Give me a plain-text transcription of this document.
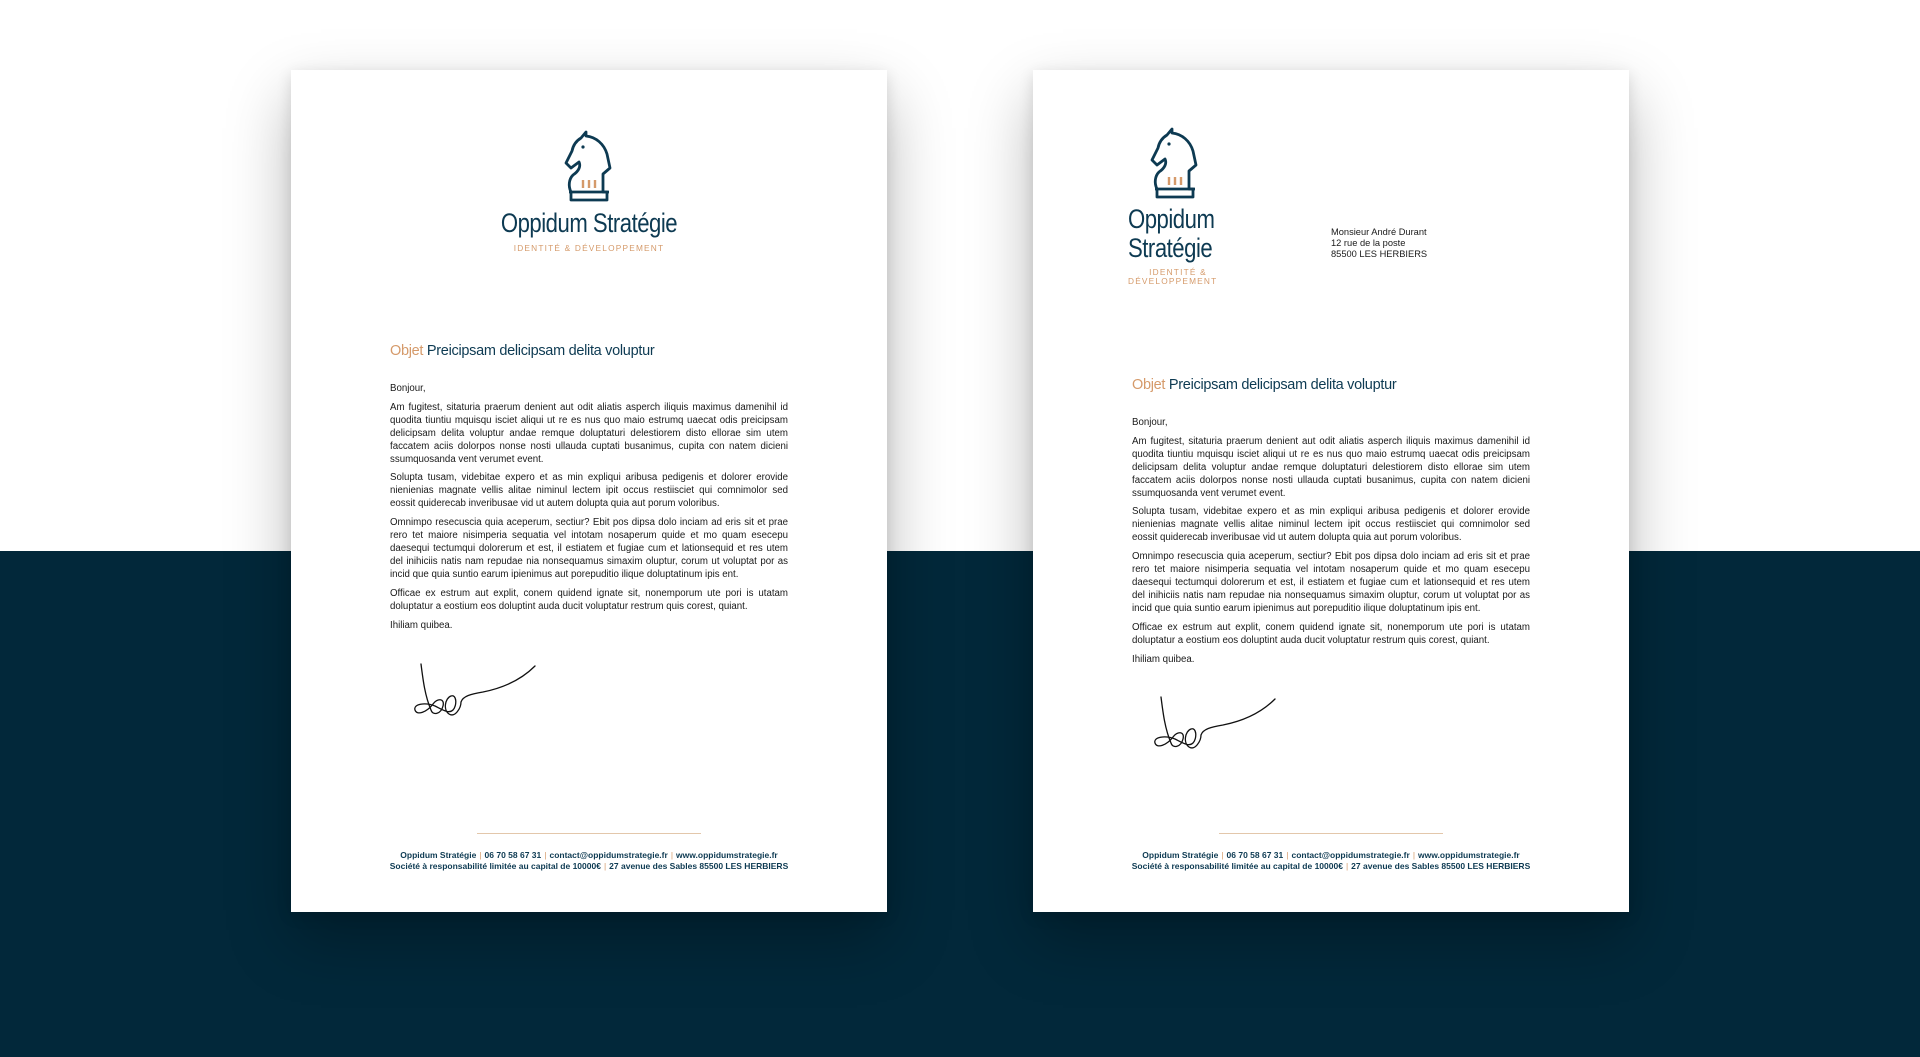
Oppidum Stratégie
IDENTITÉ & DÉVELOPPEMENT
Objet Preicipsam delicipsam delita voluptur

Bonjour,

Am fugitest, sitaturia praerum denient aut odit aliatis asperch iliquis maximus damenihil id quodita tiuntiu mquisqu isciet aliqui ut re es nus quo maio estrumq uaecat odis preicipsam delicipsam delita voluptur andae remque doluptaturi delestiorem disto ellorae sim utem faccatem aciis dolorpos nonse nosti ullauda cuptati busanimus, cupita con natem dicieni ssumquosanda vent verumet event.

Solupta tusam, videbitae expero et as min expliqui aribusa pedigenis et dolorer erovide nienienias magnate vellis alitae niminul lectem ipit occus restiisciet qui comnimolor sed eossit quiderecab inveribusae vid ut autem dolupta quia aut porum voloribus.

Omnimpo resecuscia quia aceperum, sectiur? Ebit pos dipsa dolo inciam ad eris sit et prae rero tet maiore nisimperia sequatia vel intotam nosaperum quide et mo quam esecepu daesequi tectumqui dolorerum et est, il estiatem et fugiae cum et lationsequid et res utem del inihiciis natis nam repudae nia nonsequamus simaxim oluptur, corum ut voluptat por as incid que quia suntio earum ipienimus aut porepuditio ilique doluptatinum ipis ent.

Officae ex estrum aut explit, conem quidend ignate sit, nonemporum ute pori is utatam doluptatur a eostium eos doluptint auda ducit voluptatur restrum quis corest, quiant.

Ihiliam quibea.

Oppidum Stratégie | 06 70 58 67 31 | contact@oppidumstrategie.fr | www.oppidumstrategie.fr
Société à responsabilité limitée au capital de 10000€ | 27 avenue des Sables 85500 LES HERBIERS
Oppidum
Stratégie
IDENTITÉ &
DÉVELOPPEMENT
Monsieur André Durant
12 rue de la poste
85500 LES HERBIERS
Objet Preicipsam delicipsam delita voluptur

Bonjour,

Am fugitest, sitaturia praerum denient aut odit aliatis asperch iliquis maximus damenihil id quodita tiuntiu mquisqu isciet aliqui ut re es nus quo maio estrumq uaecat odis preicipsam delicipsam delita voluptur andae remque doluptaturi delestiorem disto ellorae sim utem faccatem aciis dolorpos nonse nosti ullauda cuptati busanimus, cupita con natem dicieni ssumquosanda vent verumet event.

Solupta tusam, videbitae expero et as min expliqui aribusa pedigenis et dolorer erovide nienienias magnate vellis alitae niminul lectem ipit occus restiisciet qui comnimolor sed eossit quiderecab inveribusae vid ut autem dolupta quia aut porum voloribus.

Omnimpo resecuscia quia aceperum, sectiur? Ebit pos dipsa dolo inciam ad eris sit et prae rero tet maiore nisimperia sequatia vel intotam nosaperum quide et mo quam esecepu daesequi tectumqui dolorerum et est, il estiatem et fugiae cum et lationsequid et res utem del inihiciis natis nam repudae nia nonsequamus simaxim oluptur, corum ut voluptat por as incid que quia suntio earum ipienimus aut porepuditio ilique doluptatinum ipis ent.

Officae ex estrum aut explit, conem quidend ignate sit, nonemporum ute pori is utatam doluptatur a eostium eos doluptint auda ducit voluptatur restrum quis corest, quiant.

Ihiliam quibea.

Oppidum Stratégie | 06 70 58 67 31 | contact@oppidumstrategie.fr | www.oppidumstrategie.fr
Société à responsabilité limitée au capital de 10000€ | 27 avenue des Sables 85500 LES HERBIERS
